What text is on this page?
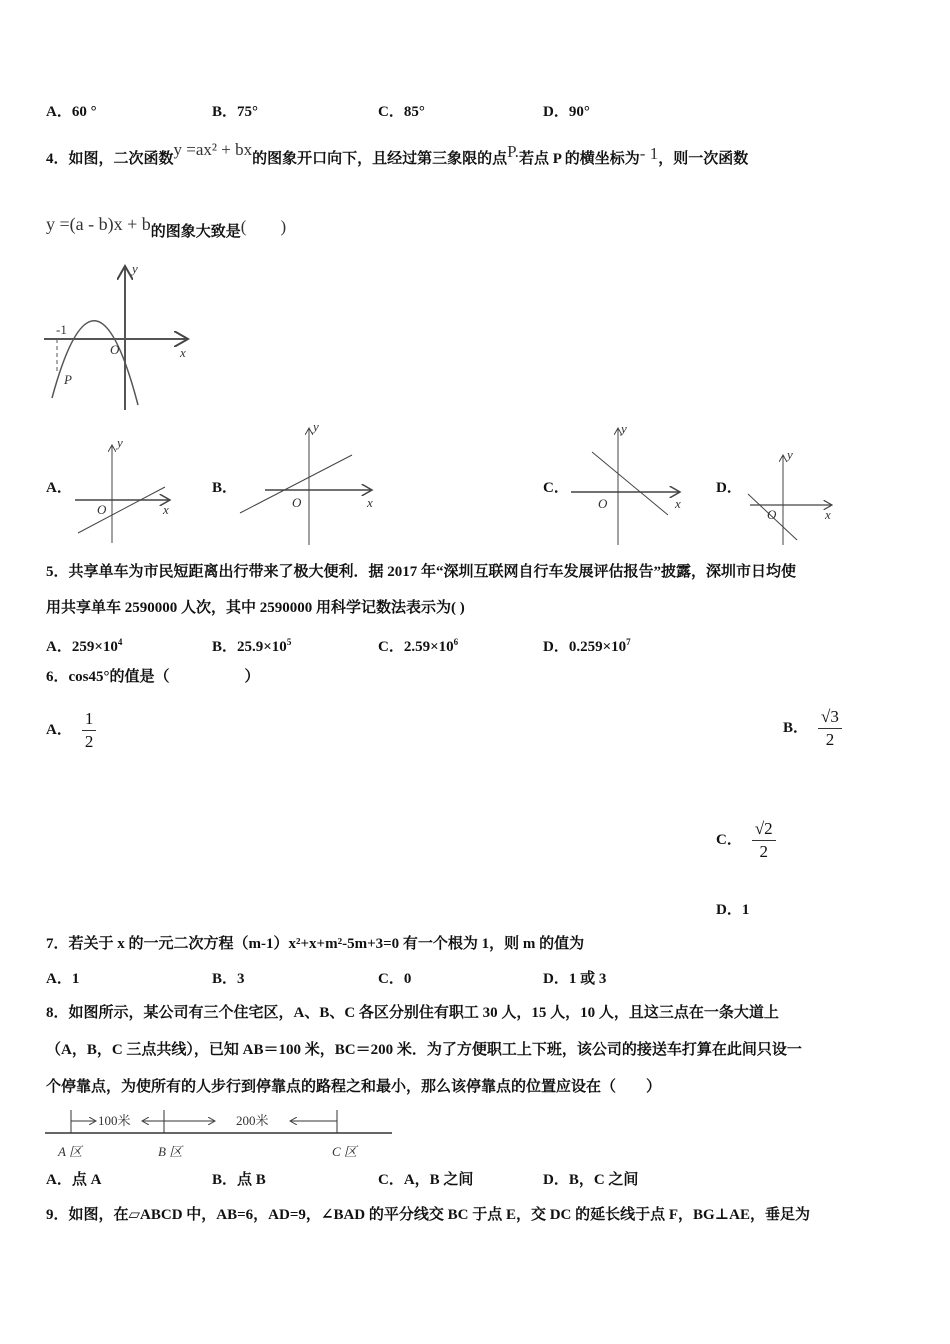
y
x
O
-1
P
O	x
y
O	x
y
O	x
y
O	x
y
100米	200米
A 区	B 区	C 区
A．60 °	B．75°	C．85°	D．90°
4．如图，二次函数y =ax² + bx的图象开口向下，且经过第三象限的点P.若点 P 的横坐标为- 1，则一次函数
y =(a - b)x + b的图象大致是(　　)
A．	B．	C．	D．
5．共享单车为市民短距离出行带来了极大便利．据 2017 年“深圳互联网自行车发展评估报告”披露，深圳市日均使
用共享单车 2590000 人次，其中 2590000 用科学记数法表示为( )
A．$259\times 10^4$	B．$25.9\times 10^5$	C．$2.59\times 10^6$	D．$0.259\times 10^7$
6．cos45°的值是（　　　　　）
A． $\frac{1}{2}$	B． $\frac{√3}{2}$
C． $\frac{√2}{2}$
D．1
7．若关于 x 的一元二次方程（m-1）x²+x+m²-5m+3=0 有一个根为 1，则 m 的值为
A．1	B．3	C．0	D．1 或 3
8．如图所示，某公司有三个住宅区，A、B、C 各区分别住有职工 30 人，15 人，10 人，且这三点在一条大道上
（A，B，C 三点共线），已知 AB＝100 米，BC＝200 米．为了方便职工上下班，该公司的接送车打算在此间只设一
个停靠点，为使所有的人步行到停靠点的路程之和最小，那么该停靠点的位置应设在（　　）
A．点 A	B．点 B	C．A，B 之间	D．B，C 之间
9．如图，在▱ABCD 中，AB=6，AD=9，∠BAD 的平分线交 BC 于点 E，交 DC 的延长线于点 F，BG⊥AE，垂足为
